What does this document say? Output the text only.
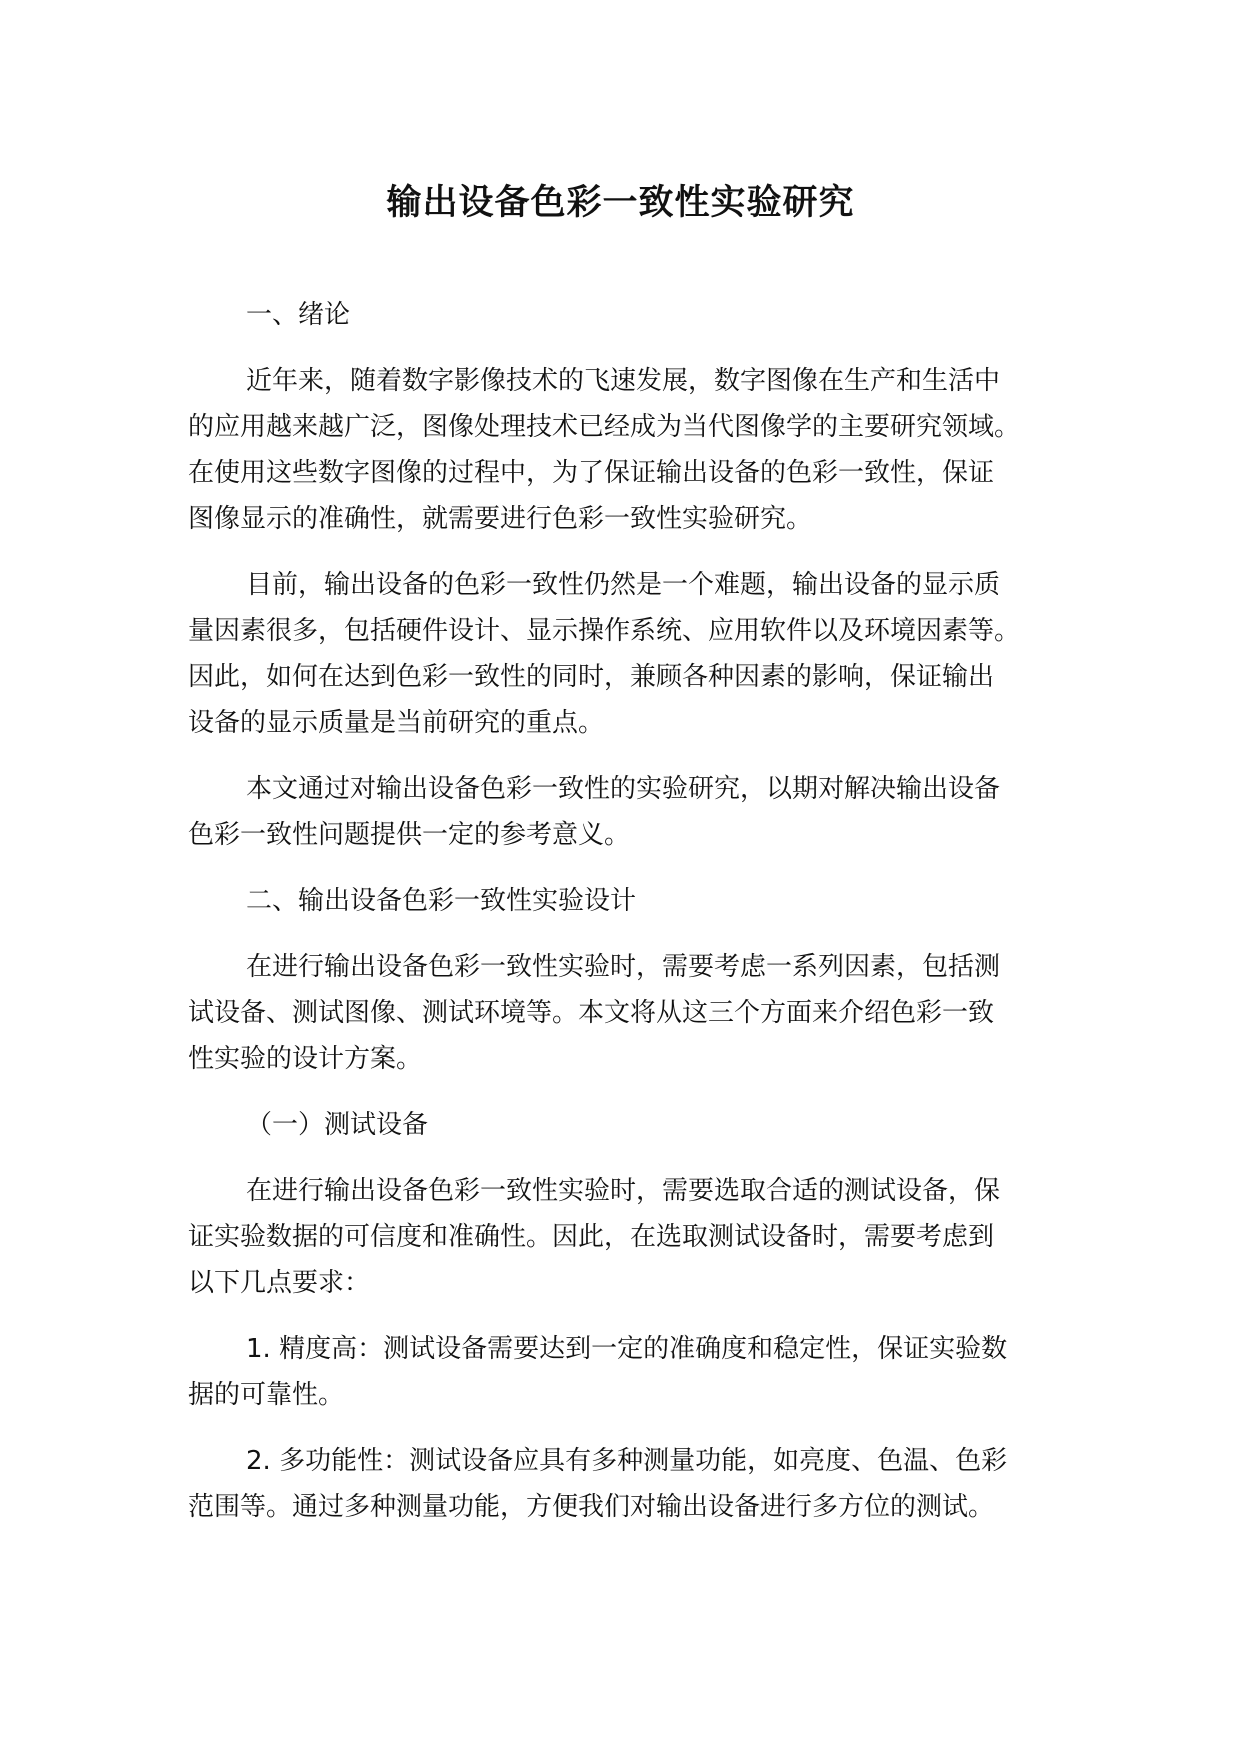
输出设备色彩一致性实验研究
一、绪论
近年来，随着数字影像技术的飞速发展，数字图像在生产和生活中
的应用越来越广泛，图像处理技术已经成为当代图像学的主要研究领域。
在使用这些数字图像的过程中，为了保证输出设备的色彩一致性，保证
图像显示的准确性，就需要进行色彩一致性实验研究。
目前，输出设备的色彩一致性仍然是一个难题，输出设备的显示质
量因素很多，包括硬件设计、显示操作系统、应用软件以及环境因素等。
因此，如何在达到色彩一致性的同时，兼顾各种因素的影响，保证输出
设备的显示质量是当前研究的重点。
本文通过对输出设备色彩一致性的实验研究，以期对解决输出设备
色彩一致性问题提供一定的参考意义。
二、输出设备色彩一致性实验设计
在进行输出设备色彩一致性实验时，需要考虑一系列因素，包括测
试设备、测试图像、测试环境等。本文将从这三个方面来介绍色彩一致
性实验的设计方案。
（一）测试设备
在进行输出设备色彩一致性实验时，需要选取合适的测试设备，保
证实验数据的可信度和准确性。因此，在选取测试设备时，需要考虑到
以下几点要求：
1. 精度高：测试设备需要达到一定的准确度和稳定性，保证实验数
据的可靠性。
2. 多功能性：测试设备应具有多种测量功能，如亮度、色温、色彩
范围等。通过多种测量功能，方便我们对输出设备进行多方位的测试。
